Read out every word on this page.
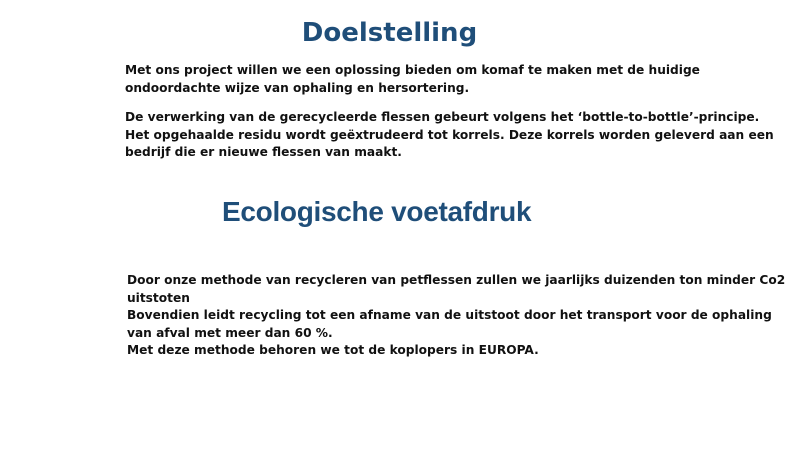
Doelstelling

Met ons project willen we een oplossing bieden om komaf te maken met de huidige
ondoordachte wijze van ophaling en hersortering.

De verwerking van de gerecycleerde flessen gebeurt volgens het ‘bottle-to-bottle’-principe.
Het opgehaalde residu wordt geëxtrudeerd tot korrels. Deze korrels worden geleverd aan een
bedrijf die er nieuwe flessen van maakt.

Ecologische voetafdruk

Door onze methode van recycleren van petflessen zullen we jaarlijks duizenden ton minder Co2
uitstoten
Bovendien leidt recycling tot een afname van de uitstoot door het transport voor de ophaling
van afval met meer dan 60 %.
Met deze methode behoren we tot de koplopers in EUROPA.
